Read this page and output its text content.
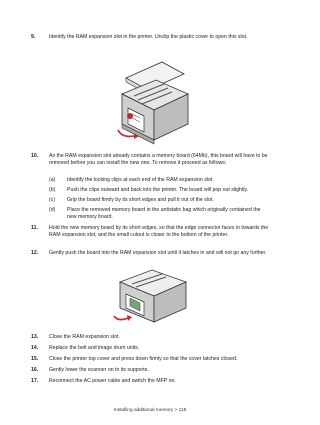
9.	Identify the RAM expansion slot in the printer. Unclip the plastic cover to open this slot.
10. As the RAM expansion slot already contains a memory board (64Mb), this board will have to be removed before you can install the new one. To remove it proceed as follows:
(a) Identify the locking clips at each end of the RAM expansion slot.
(b) Push the clips outward and back into the printer. The board will pop out slightly.
(c) Grip the board firmly by its short edges and pull it out of the slot.
(d) Place the removed memory board in the antistatic bag which originally contained the new memory board.
11. Hold the new memory board by its short edges, so that the edge connector faces in towards the RAM expansion slot, and the small cutout is closer to the bottom of the printer.
12. Gently push the board into the RAM expansion slot until it latches in and will not go any further.
13. Close the RAM expansion slot.
14. Replace the belt and image drum units.
15. Close the printer top cover and press down firmly so that the cover latches closed.
16. Gently lower the scanner on to its supports.
17. Reconnect the AC power cable and switch the MFP on.
Installing additional memory > 118
